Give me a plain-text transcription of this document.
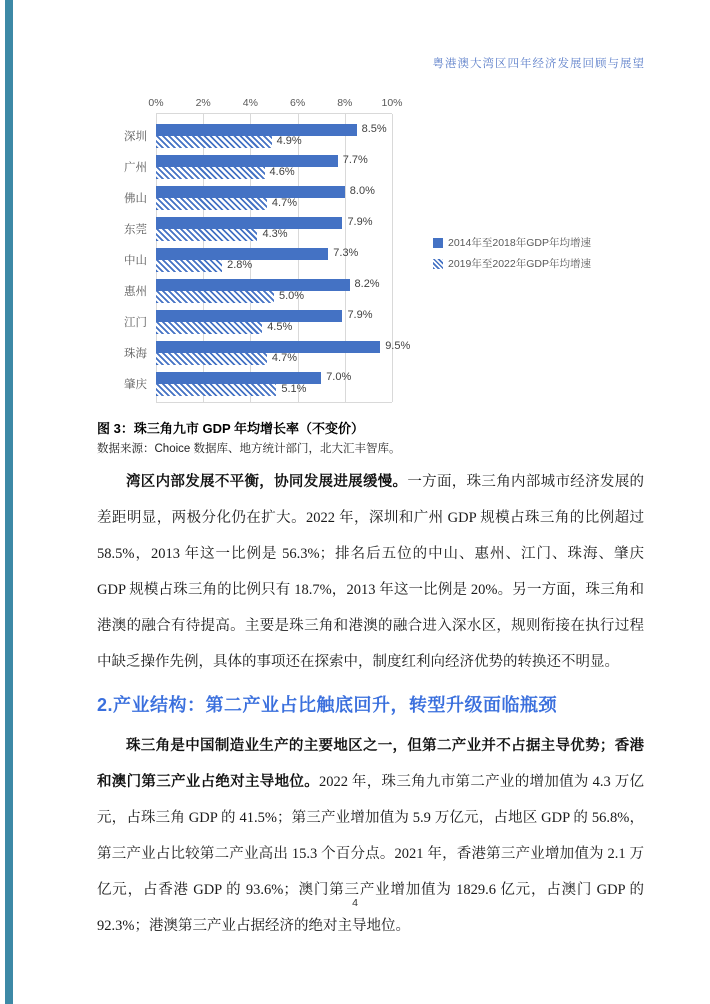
粤港澳大湾区四年经济发展回顾与展望
0%	2%	4%	6%	8%	10%
8.5%
4.9%
7.7%
4.6%
8.0%
4.7%
7.9%
4.3%
7.3%
2.8%
8.2%
5.0%
7.9%
4.5%
9.5%
4.7%
7.0%
5.1%
深圳
广州
佛山
东莞
中山
惠州
江门
珠海
肇庆
2014年至2018年GDP年均增速
2019年至2022年GDP年均增速
图 3：珠三角九市 GDP 年均增长率（不变价）
数据来源：Choice 数据库、地方统计部门，北大汇丰智库。

湾区内部发展不平衡，协同发展进展缓慢。一方面，珠三角内部城市经济发展的差距明显，两极分化仍在扩大。2022 年，深圳和广州 GDP 规模占珠三角的比例超过 58.5%，2013 年这一比例是 56.3%；排名后五位的中山、惠州、江门、珠海、肇庆 GDP 规模占珠三角的比例只有 18.7%，2013 年这一比例是 20%。另一方面，珠三角和港澳的融合有待提高。主要是珠三角和港澳的融合进入深水区，规则衔接在执行过程中缺乏操作先例，具体的事项还在探索中，制度红利向经济优势的转换还不明显。

2.产业结构：第二产业占比触底回升，转型升级面临瓶颈

珠三角是中国制造业生产的主要地区之一，但第二产业并不占据主导优势；香港和澳门第三产业占绝对主导地位。2022 年，珠三角九市第二产业的增加值为 4.3 万亿元，占珠三角 GDP 的 41.5%；第三产业增加值为 5.9 万亿元，占地区 GDP 的 56.8%，第三产业占比较第二产业高出 15.3 个百分点。2021 年，香港第三产业增加值为 2.1 万亿元，占香港 GDP 的 93.6%；澳门第三产业增加值为 1829.6 亿元，占澳门 GDP 的 92.3%；港澳第三产业占据经济的绝对主导地位。

4
